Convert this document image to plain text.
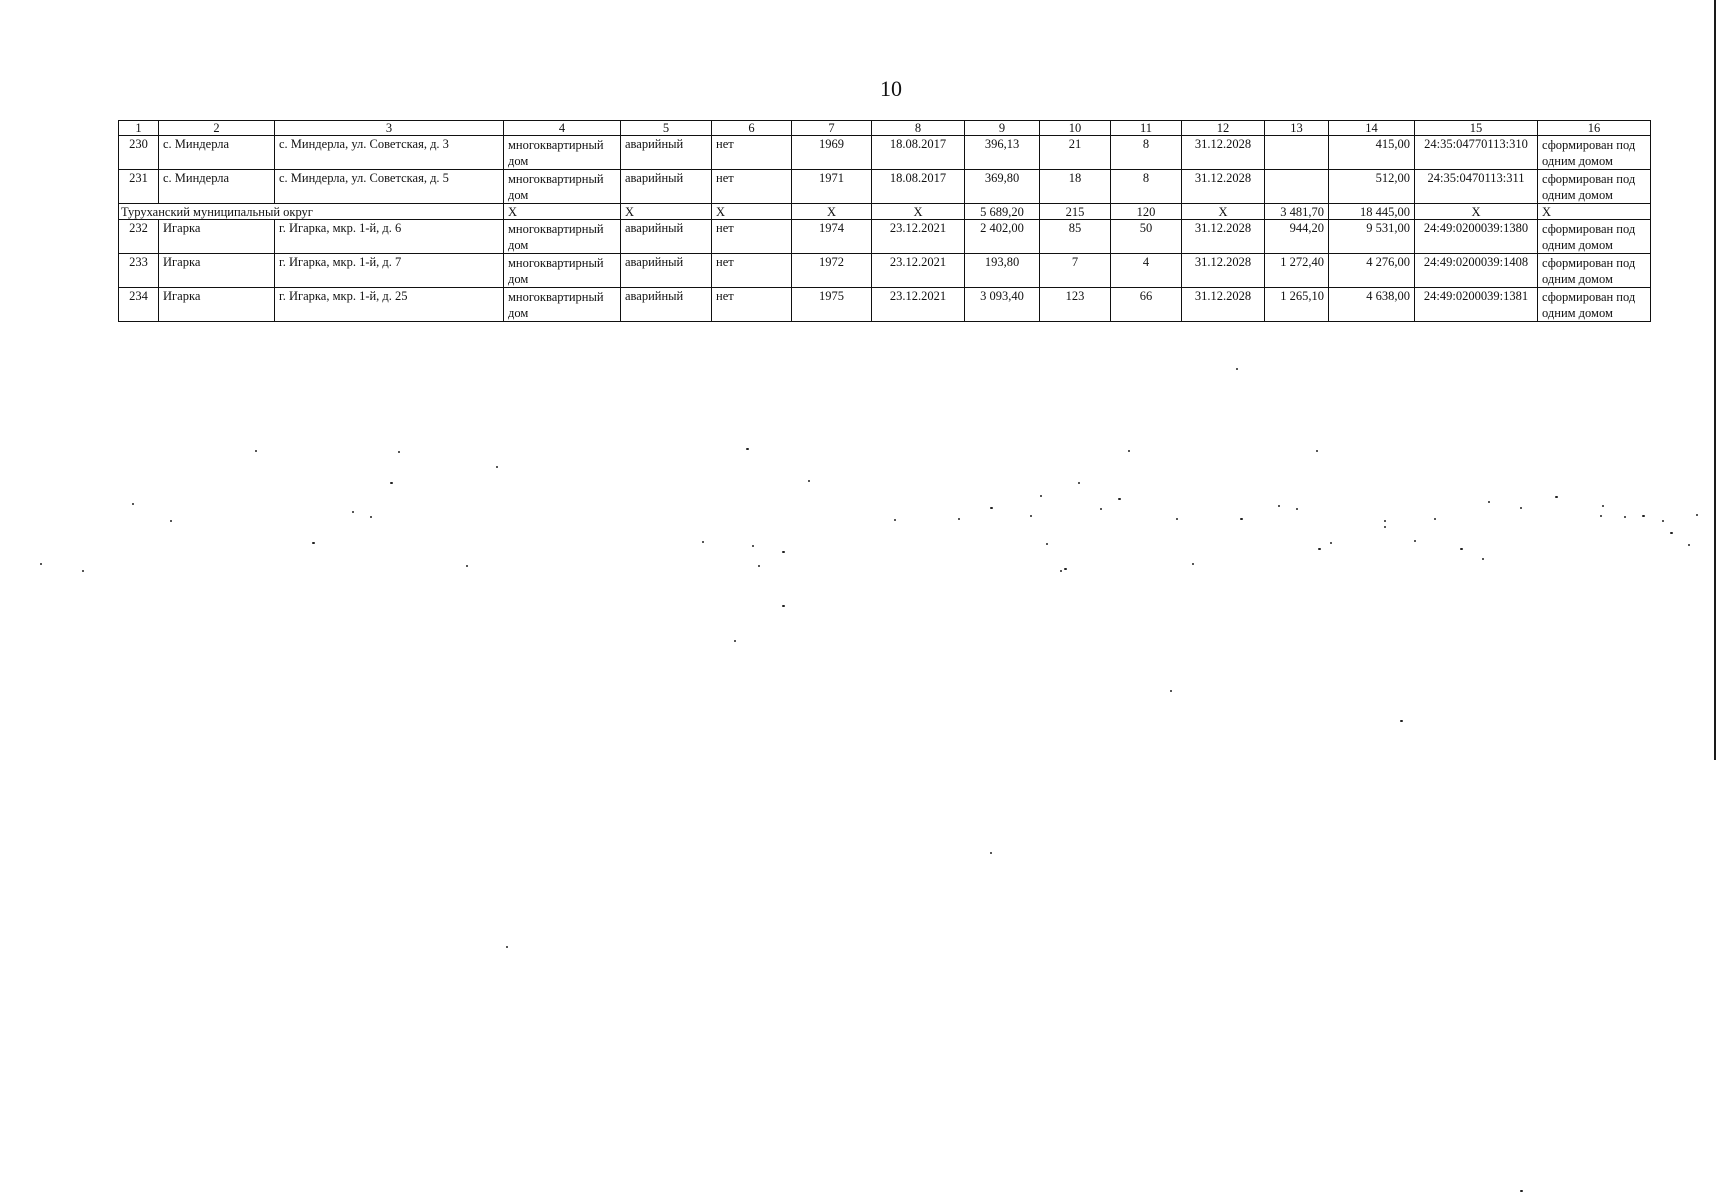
10
1	2	3	4	5	6	7	8	9	10	11	12	13	14	15	16
230	с. Миндерла	с. Миндерла, ул. Советская, д. 3	многоквартирный дом	аварийный	нет	1969	18.08.2017	396,13	21	8	31.12.2028		415,00	24:35:04770113:310	сформирован под одним домом
231	с. Миндерла	с. Миндерла, ул. Советская, д. 5	многоквартирный дом	аварийный	нет	1971	18.08.2017	369,80	18	8	31.12.2028		512,00	24:35:0470113:311	сформирован под одним домом
Туруханский муниципальный округ			Х	Х	Х	Х	Х	5 689,20	215	120	Х	3 481,70	18 445,00	Х	Х
232	Игарка	г. Игарка, мкр. 1-й, д. 6	многоквартирный дом	аварийный	нет	1974	23.12.2021	2 402,00	85	50	31.12.2028	944,20	9 531,00	24:49:0200039:1380	сформирован под одним домом
233	Игарка	г. Игарка, мкр. 1-й, д. 7	многоквартирный дом	аварийный	нет	1972	23.12.2021	193,80	7	4	31.12.2028	1 272,40	4 276,00	24:49:0200039:1408	сформирован под одним домом
234	Игарка	г. Игарка, мкр. 1-й, д. 25	многоквартирный дом	аварийный	нет	1975	23.12.2021	3 093,40	123	66	31.12.2028	1 265,10	4 638,00	24:49:0200039:1381	сформирован под одним домом
